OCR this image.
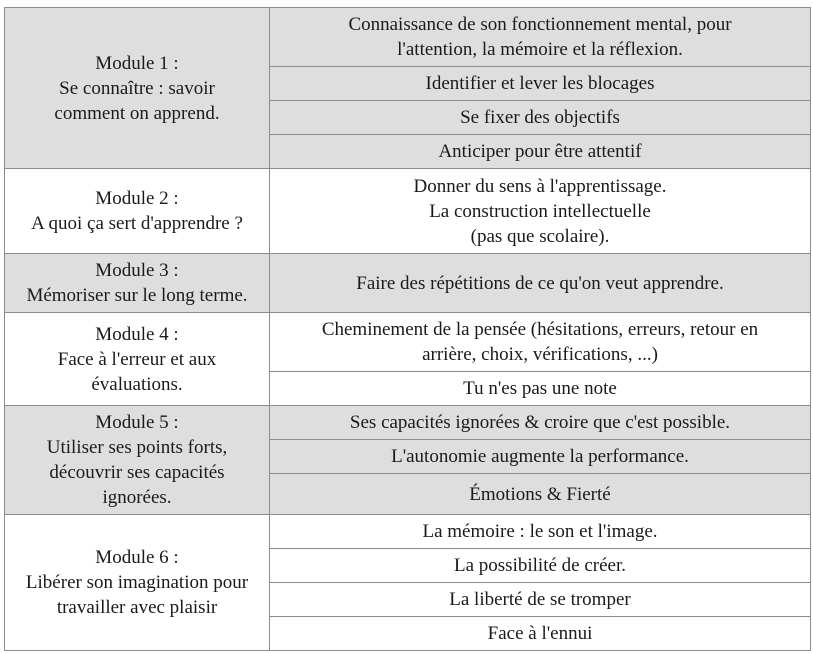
Module 1 :
Se connaître : savoir
comment on apprend.	Connaissance de son fonctionnement mental, pour
l'attention, la mémoire et la réflexion.

	Identifier et lever les blocages

	Se fixer des objectifs

	Anticiper pour être attentif

Module 2 :
A quoi ça sert d'apprendre ?	Donner du sens à l'apprentissage.
La construction intellectuelle
(pas que scolaire).

Module 3 :
Mémoriser sur le long terme.	Faire des répétitions de ce qu'on veut apprendre.

Module 4 :
Face à l'erreur et aux
évaluations.	Cheminement de la pensée (hésitations, erreurs, retour en
arrière, choix, vérifications, ...)

	Tu n'es pas une note

Module 5 :
Utiliser ses points forts,
découvrir ses capacités
ignorées.	Ses capacités ignorées & croire que c'est possible.

	L'autonomie augmente la performance.

	Émotions & Fierté

Module 6 :
Libérer son imagination pour
travailler avec plaisir	La mémoire : le son et l'image.

	La possibilité de créer.

	La liberté de se tromper

	Face à l'ennui
